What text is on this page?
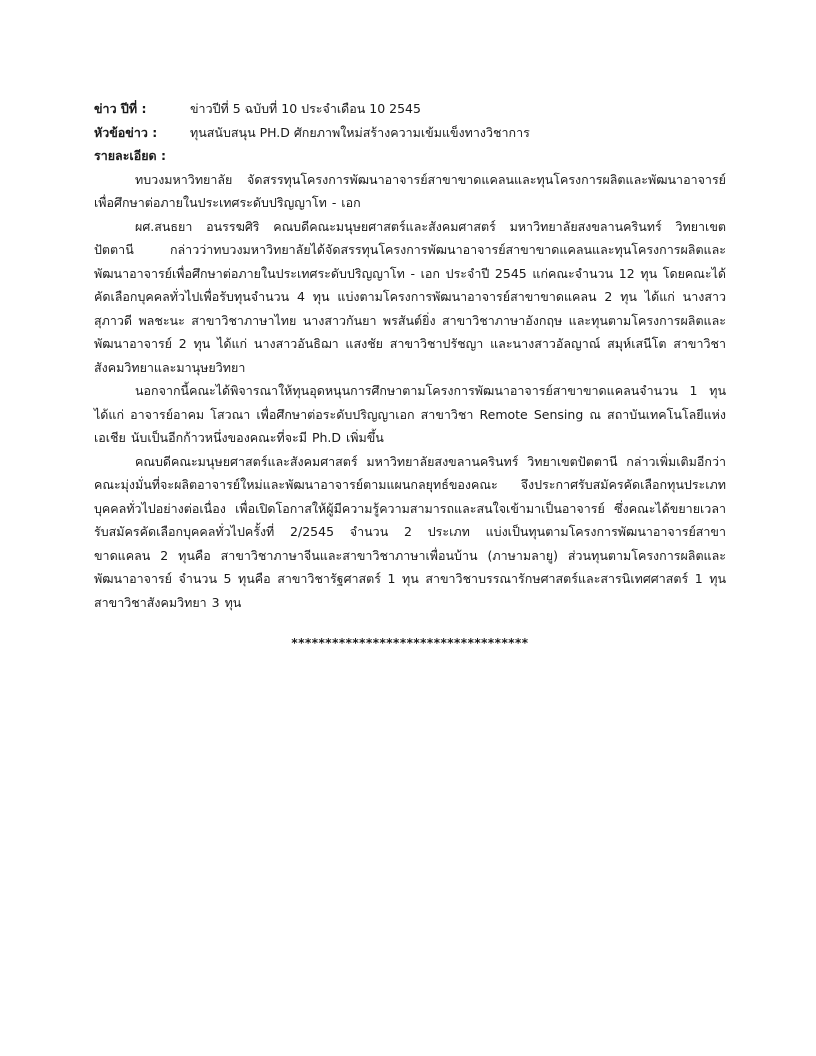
ข่าว ปีที่ :	ข่าวปีที่ 5 ฉบับที่ 10 ประจำเดือน 10 2545
หัวข้อข่าว :	ทุนสนับสนุน PH.D ศักยภาพใหม่สร้างความเข้มแข็งทางวิชาการ
รายละเอียด :

ทบวงมหาวิทยาลัย จัดสรรทุนโครงการพัฒนาอาจารย์สาขาขาดแคลนและทุนโครงการผลิตและพัฒนาอาจารย์ เพื่อศึกษาต่อภายในประเทศระดับปริญญาโท - เอก

ผศ.สนธยา อนรรฆศิริ คณบดีคณะมนุษยศาสตร์และสังคมศาสตร์ มหาวิทยาลัยสงขลานครินทร์ วิทยาเขตปัตตานี กล่าวว่าทบวงมหาวิทยาลัยได้จัดสรรทุนโครงการพัฒนาอาจารย์สาขาขาดแคลนและทุนโครงการผลิตและพัฒนาอาจารย์เพื่อศึกษาต่อภายในประเทศระดับปริญญาโท - เอก ประจำปี 2545 แก่คณะจำนวน 12 ทุน โดยคณะได้คัดเลือกบุคคลทั่วไปเพื่อรับทุนจำนวน 4 ทุน แบ่งตามโครงการพัฒนาอาจารย์สาขาขาดแคลน 2 ทุน ได้แก่ นางสาวสุภาวดี พลชะนะ สาขาวิชาภาษาไทย นางสาวกันยา พรสันต์ยิ่ง สาขาวิชาภาษาอังกฤษ และทุนตามโครงการผลิตและพัฒนาอาจารย์ 2 ทุน ได้แก่ นางสาวอันธิฌา แสงชัย สาขาวิชาปรัชญา และนางสาวอัลญาณ์ สมุห์เสนีโต สาขาวิชาสังคมวิทยาและมานุษยวิทยา

นอกจากนี้คณะได้พิจารณาให้ทุนอุดหนุนการศึกษาตามโครงการพัฒนาอาจารย์สาขาขาดแคลนจำนวน 1 ทุน ได้แก่ อาจารย์อาคม โสวณา เพื่อศึกษาต่อระดับปริญญาเอก สาขาวิชา Remote Sensing ณ สถาบันเทคโนโลยีแห่งเอเชีย นับเป็นอีกก้าวหนึ่งของคณะที่จะมี Ph.D เพิ่มขึ้น

คณบดีคณะมนุษยศาสตร์และสังคมศาสตร์ มหาวิทยาลัยสงขลานครินทร์ วิทยาเขตปัตตานี กล่าวเพิ่มเติมอีกว่าคณะมุ่งมั่นที่จะผลิตอาจารย์ใหม่และพัฒนาอาจารย์ตามแผนกลยุทธ์ของคณะ จึงประกาศรับสมัครคัดเลือกทุนประเภทบุคคลทั่วไปอย่างต่อเนื่อง เพื่อเปิดโอกาสให้ผู้มีความรู้ความสามารถและสนใจเข้ามาเป็นอาจารย์ ซึ่งคณะได้ขยายเวลารับสมัครคัดเลือกบุคคลทั่วไปครั้งที่ 2/2545 จำนวน 2 ประเภท แบ่งเป็นทุนตามโครงการพัฒนาอาจารย์สาขาขาดแคลน 2 ทุนคือ สาขาวิชาภาษาจีนและสาขาวิชาภาษาเพื่อนบ้าน (ภาษามลายู) ส่วนทุนตามโครงการผลิตและพัฒนาอาจารย์ จำนวน 5 ทุนคือ สาขาวิชารัฐศาสตร์ 1 ทุน สาขาวิชาบรรณารักษศาสตร์และสารนิเทศศาสตร์ 1 ทุน สาขาวิชาสังคมวิทยา 3 ทุน

***********************************
